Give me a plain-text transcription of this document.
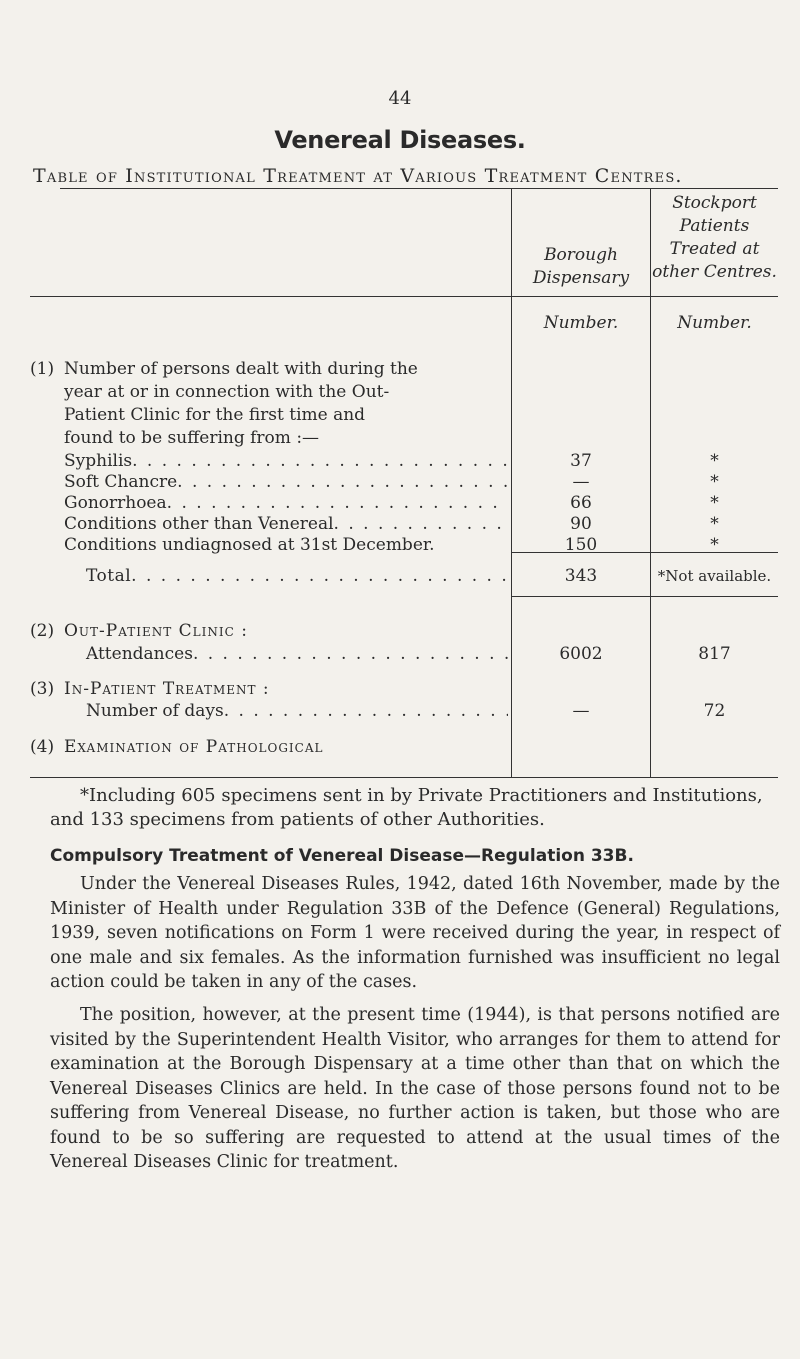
44
Venereal Diseases.
Table of Institutional Treatment at Various Treatment Centres.
Borough
Dispensary
Stockport
Patients
Treated at
other Centres.
Number.	Number.
(1) Number of persons dealt with during the
year at or in connection with the Out-
Patient Clinic for the first time and
found to be suffering from :—
Syphilis . . .	37	*
Soft Chancre . . .	—	*
Gonorrhoea . . .	66	*
Conditions other than Venereal . . .	90	*
Conditions undiagnosed at 31st December.	150	*
Total . . .	343	*Not available.
(2) Out-Patient Clinic :
Attendances . . .	6002	817
(3) In-Patient Treatment :
Number of days . . .	—	72
(4) Examination of Pathological

*Including 605 specimens sent in by Private Practitioners and Institutions, and 133 specimens from patients of other Authorities.

Compulsory Treatment of Venereal Disease—Regulation 33B.

Under the Venereal Diseases Rules, 1942, dated 16th November, made by the Minister of Health under Regulation 33B of the Defence (General) Regulations, 1939, seven notifications on Form 1 were received during the year, in respect of one male and six females. As the information furnished was insufficient no legal action could be taken in any of the cases.

The position, however, at the present time (1944), is that persons notified are visited by the Superintendent Health Visitor, who arranges for them to attend for examination at the Borough Dispensary at a time other than that on which the Venereal Diseases Clinics are held. In the case of those persons found not to be suffering from Venereal Disease, no further action is taken, but those who are found to be so suffering are requested to attend at the usual times of the Venereal Diseases Clinic for treatment.
